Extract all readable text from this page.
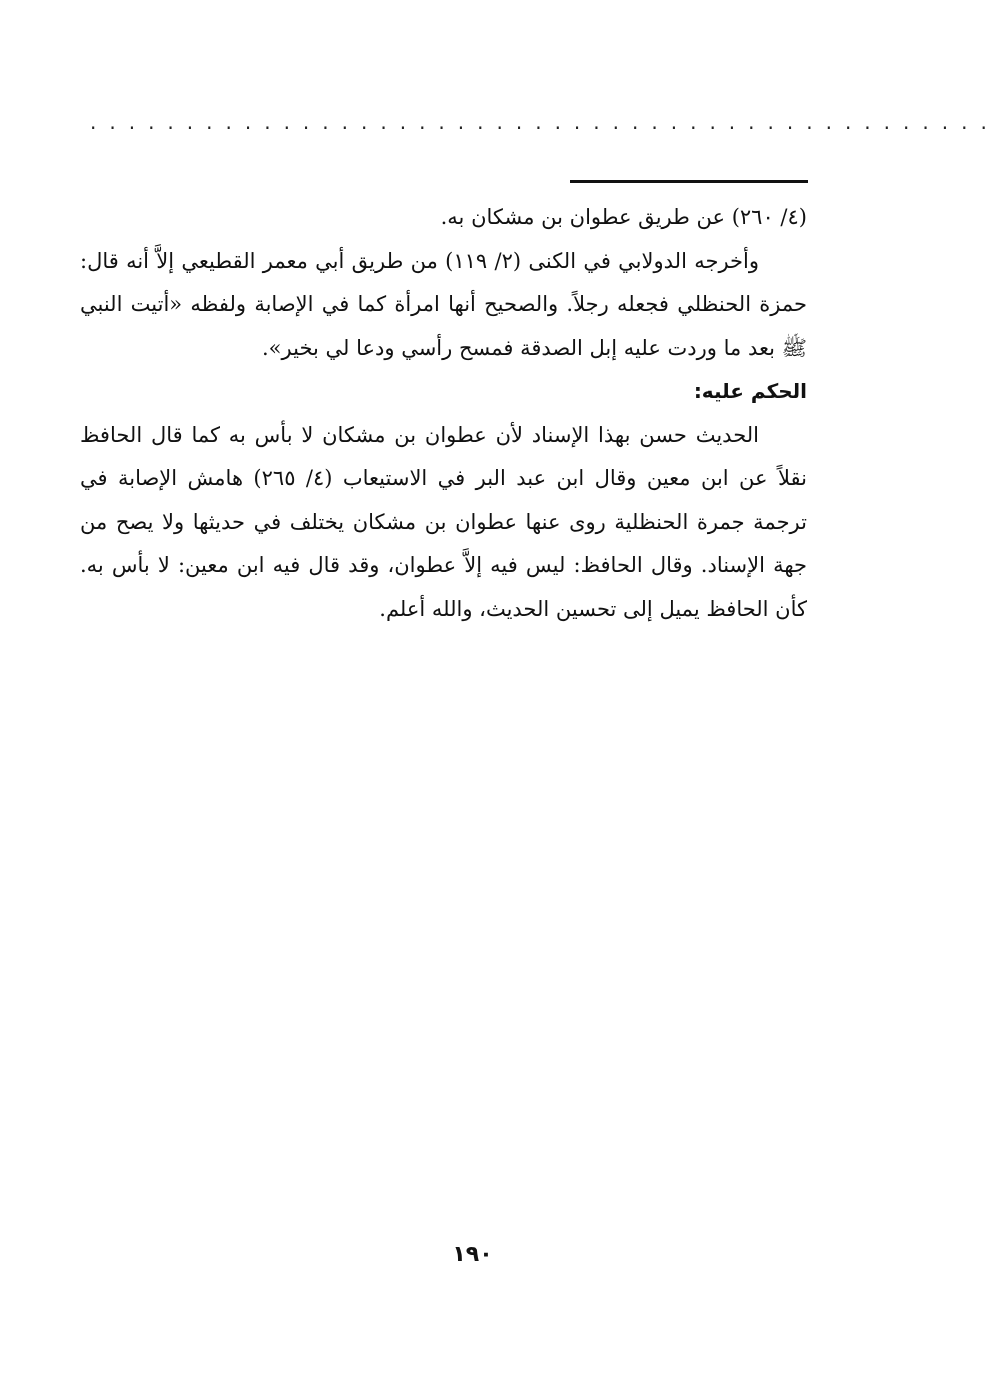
...............................................

(٤/ ٢٦٠) عن طريق عطوان بن مشكان به.

وأخرجه الدولابي في الكنى (٢/ ١١٩) من طريق أبي معمر القطيعي إلاَّ أنه قال: حمزة الحنظلي فجعله رجلاً. والصحيح أنها امرأة كما في الإصابة ولفظه «أتيت النبي ﷺ بعد ما وردت عليه إبل الصدقة فمسح رأسي ودعا لي بخير».

الحكم عليه:

الحديث حسن بهذا الإسناد لأن عطوان بن مشكان لا بأس به كما قال الحافظ نقلاً عن ابن معين وقال ابن عبد البر في الاستيعاب (٤/ ٢٦٥) هامش الإصابة في ترجمة جمرة الحنظلية روى عنها عطوان بن مشكان يختلف في حديثها ولا يصح من جهة الإسناد. وقال الحافظ: ليس فيه إلاَّ عطوان، وقد قال فيه ابن معين: لا بأس به. كأن الحافظ يميل إلى تحسين الحديث، والله أعلم.

١٩٠
